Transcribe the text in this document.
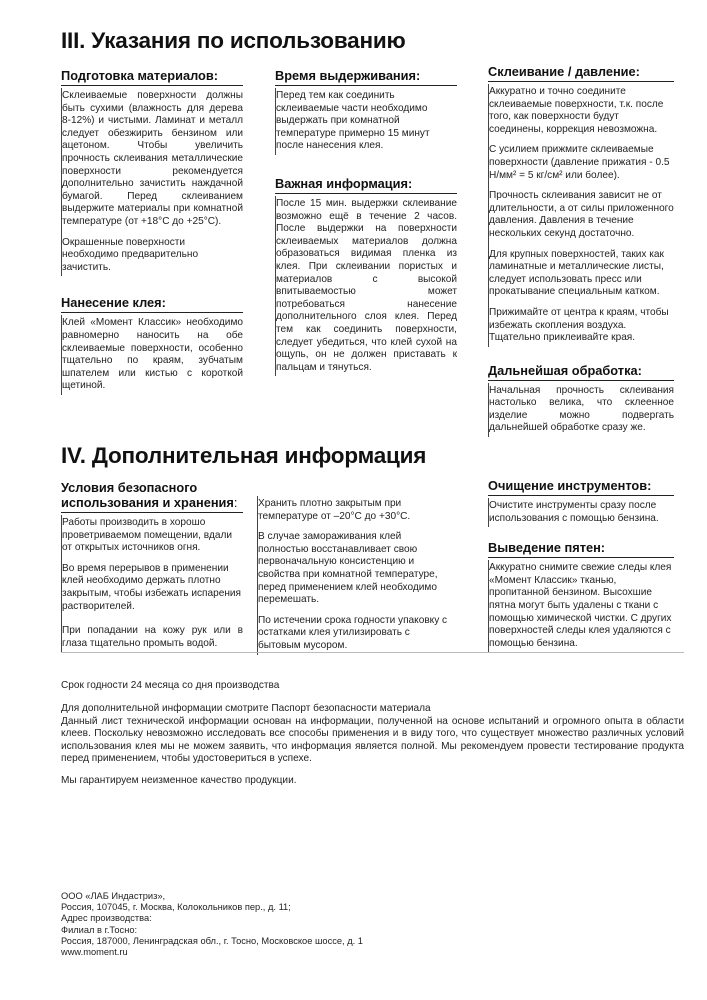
III. Указания по использованию
Подготовка материалов:

Склеиваемые поверхности должны быть сухими (влажность для дерева 8-12%) и чистыми. Ламинат и металл следует обезжирить бензином или ацетоном. Чтобы увеличить прочность склеивания металлические поверхности рекомендуется дополнительно зачистить наждачной бумагой. Перед склеиванием выдержите материалы при комнатной температуре (от +18°С до +25°С).

Окрашенные поверхности необходимо предварительно зачистить.

Нанесение клея:

Клей «Момент Классик» необходимо равномерно наносить на обе склеиваемые поверхности, особенно тщательно по краям, зубчатым шпателем или кистью с короткой щетиной.

Время выдерживания:

Перед тем как соединить склеиваемые части необходимо выдержать при комнатной температуре примерно 15 минут после нанесения клея.

Важная информация:

После 15 мин. выдержки склеивание возможно ещё в течение 2 часов. После выдержки на поверхности склеиваемых материалов должна образоваться видимая пленка из клея. При склеивании пористых и материалов с высокой впитываемостью может потребоваться нанесение дополнительного слоя клея. Перед тем как соединить поверхности, следует убедиться, что клей сухой на ощупь, он не должен приставать к пальцам и тянуться.

Склеивание / давление:

Аккуратно и точно соедините склеиваемые поверхности, т.к. после того, как поверхности будут соединены, коррекция невозможна.

С усилием прижмите склеиваемые поверхности (давление прижатия - 0.5 Н/мм² = 5 кг/см² или более).

Прочность склеивания зависит не от длительности, а от силы приложенного давления. Давления в течение нескольких секунд достаточно.

Для крупных поверхностей, таких как ламинатные и металлические листы, следует использовать пресс или прокатывание специальным катком.

Прижимайте от центра к краям, чтобы избежать скопления воздуха. Тщательно приклеивайте края.

Дальнейшая обработка:

Начальная прочность склеивания настолько велика, что склеенное изделие можно подвергать дальнейшей обработке сразу же.

IV. Дополнительная информация
Условия безопасного
использования и хранения:

Работы производить в хорошо проветриваемом помещении, вдали от открытых источников огня.

Во время перерывов в применении клей необходимо держать плотно закрытым, чтобы избежать испарения растворителей.

При попадании на кожу рук или в глаза тщательно промыть водой.

Хранить плотно закрытым при температуре от –20°С до +30°С.

В случае замораживания клей полностью восстанавливает свою первоначальную консистенцию и свойства при комнатной температуре, перед применением клей необходимо перемешать.

По истечении срока годности упаковку с остатками клея утилизировать с бытовым мусором.

Очищение инструментов:

Очистите инструменты сразу после использования с помощью бензина.

Выведение пятен:

Аккуратно снимите свежие следы клея «Момент Классик» тканью, пропитанной бензином. Высохшие пятна могут быть удалены с ткани с помощью химической чистки. С других поверхностей следы клея удаляются с помощью бензина.

Срок годности 24 месяца со дня производства

Для дополнительной информации смотрите Паспорт безопасности материала

Данный лист технической информации основан на информации, полученной на основе испытаний и огромного опыта в области клеев. Поскольку невозможно исследовать все способы применения и в виду того, что существует множество различных условий использования клея мы не можем заявить, что информация является полной. Мы рекомендуем провести тестирование продукта перед применением, чтобы удостовериться в успехе.

Мы гарантируем неизменное качество продукции.

ООО «ЛАБ Индастриз»,

Россия, 107045, г. Москва, Колокольников пер., д. 11;

Адрес производства:

Филиал в г.Тосно:

Россия, 187000, Ленинградская обл., г. Тосно, Московское шоссе, д. 1

www.moment.ru
